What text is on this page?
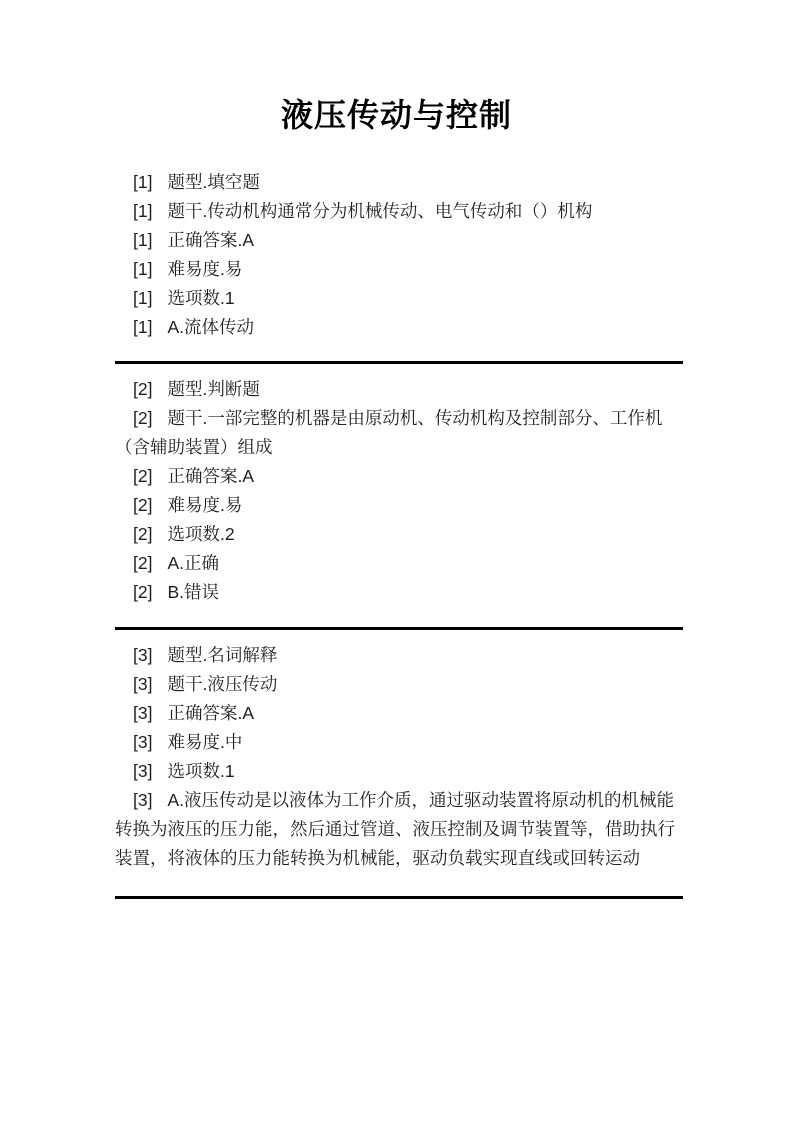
液压传动与控制
[1] 题型.填空题
[1] 题干.传动机构通常分为机械传动、电气传动和（）机构
[1] 正确答案.A
[1] 难易度.易
[1] 选项数.1
[1] A.流体传动
[2] 题型.判断题
[2] 题干.一部完整的机器是由原动机、传动机构及控制部分、工作机（含辅助装置）组成
[2] 正确答案.A
[2] 难易度.易
[2] 选项数.2
[2] A.正确
[2] B.错误
[3] 题型.名词解释
[3] 题干.液压传动
[3] 正确答案.A
[3] 难易度.中
[3] 选项数.1
[3] A.液压传动是以液体为工作介质，通过驱动装置将原动机的机械能转换为液压的压力能，然后通过管道、液压控制及调节装置等，借助执行装置，将液体的压力能转换为机械能，驱动负载实现直线或回转运动
